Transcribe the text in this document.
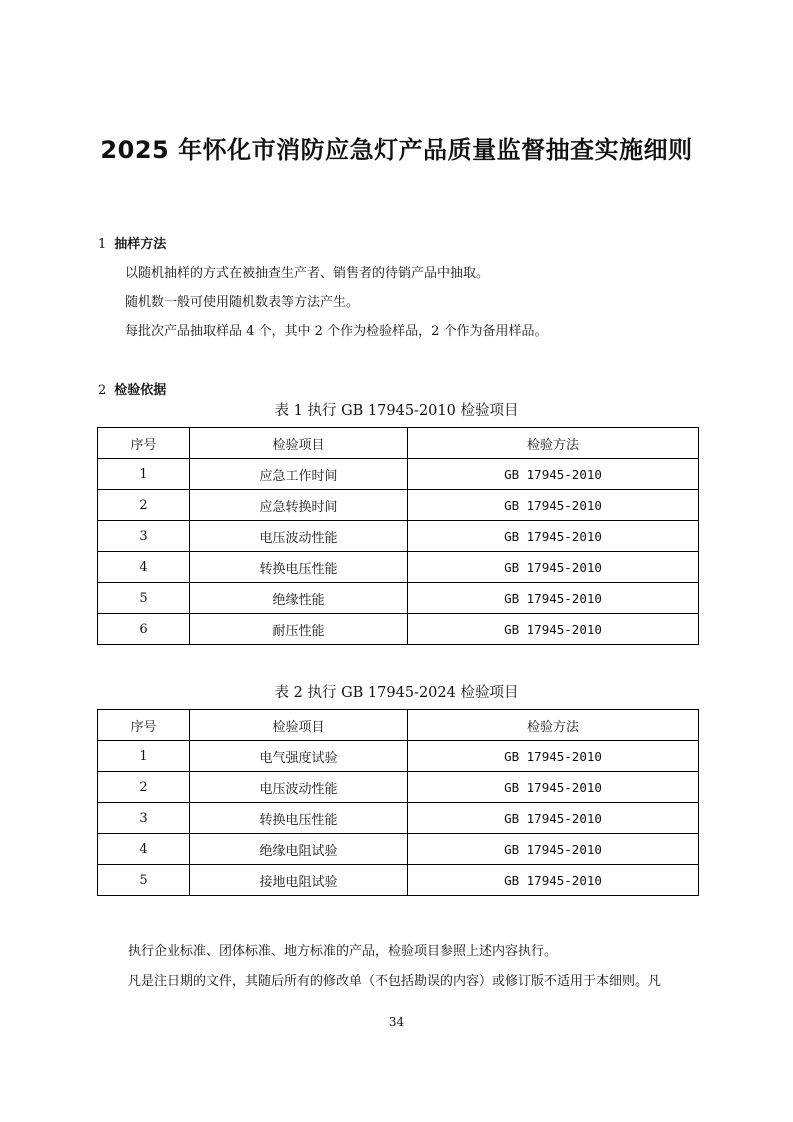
2025 年怀化市消防应急灯产品质量监督抽查实施细则
1 抽样方法
以随机抽样的方式在被抽查生产者、销售者的待销产品中抽取。
随机数一般可使用随机数表等方法产生。
每批次产品抽取样品 4 个，其中 2 个作为检验样品，2 个作为备用样品。
2 检验依据
表 1 执行 GB 17945-2010 检验项目
序号	检验项目	检验方法
1	应急工作时间	GB 17945-2010
2	应急转换时间	GB 17945-2010
3	电压波动性能	GB 17945-2010
4	转换电压性能	GB 17945-2010
5	绝缘性能	GB 17945-2010
6	耐压性能	GB 17945-2010
表 2 执行 GB 17945-2024 检验项目
序号	检验项目	检验方法
1	电气强度试验	GB 17945-2010
2	电压波动性能	GB 17945-2010
3	转换电压性能	GB 17945-2010
4	绝缘电阻试验	GB 17945-2010
5	接地电阻试验	GB 17945-2010
执行企业标准、团体标准、地方标准的产品，检验项目参照上述内容执行。
凡是注日期的文件，其随后所有的修改单（不包括勘误的内容）或修订版不适用于本细则。凡
34
